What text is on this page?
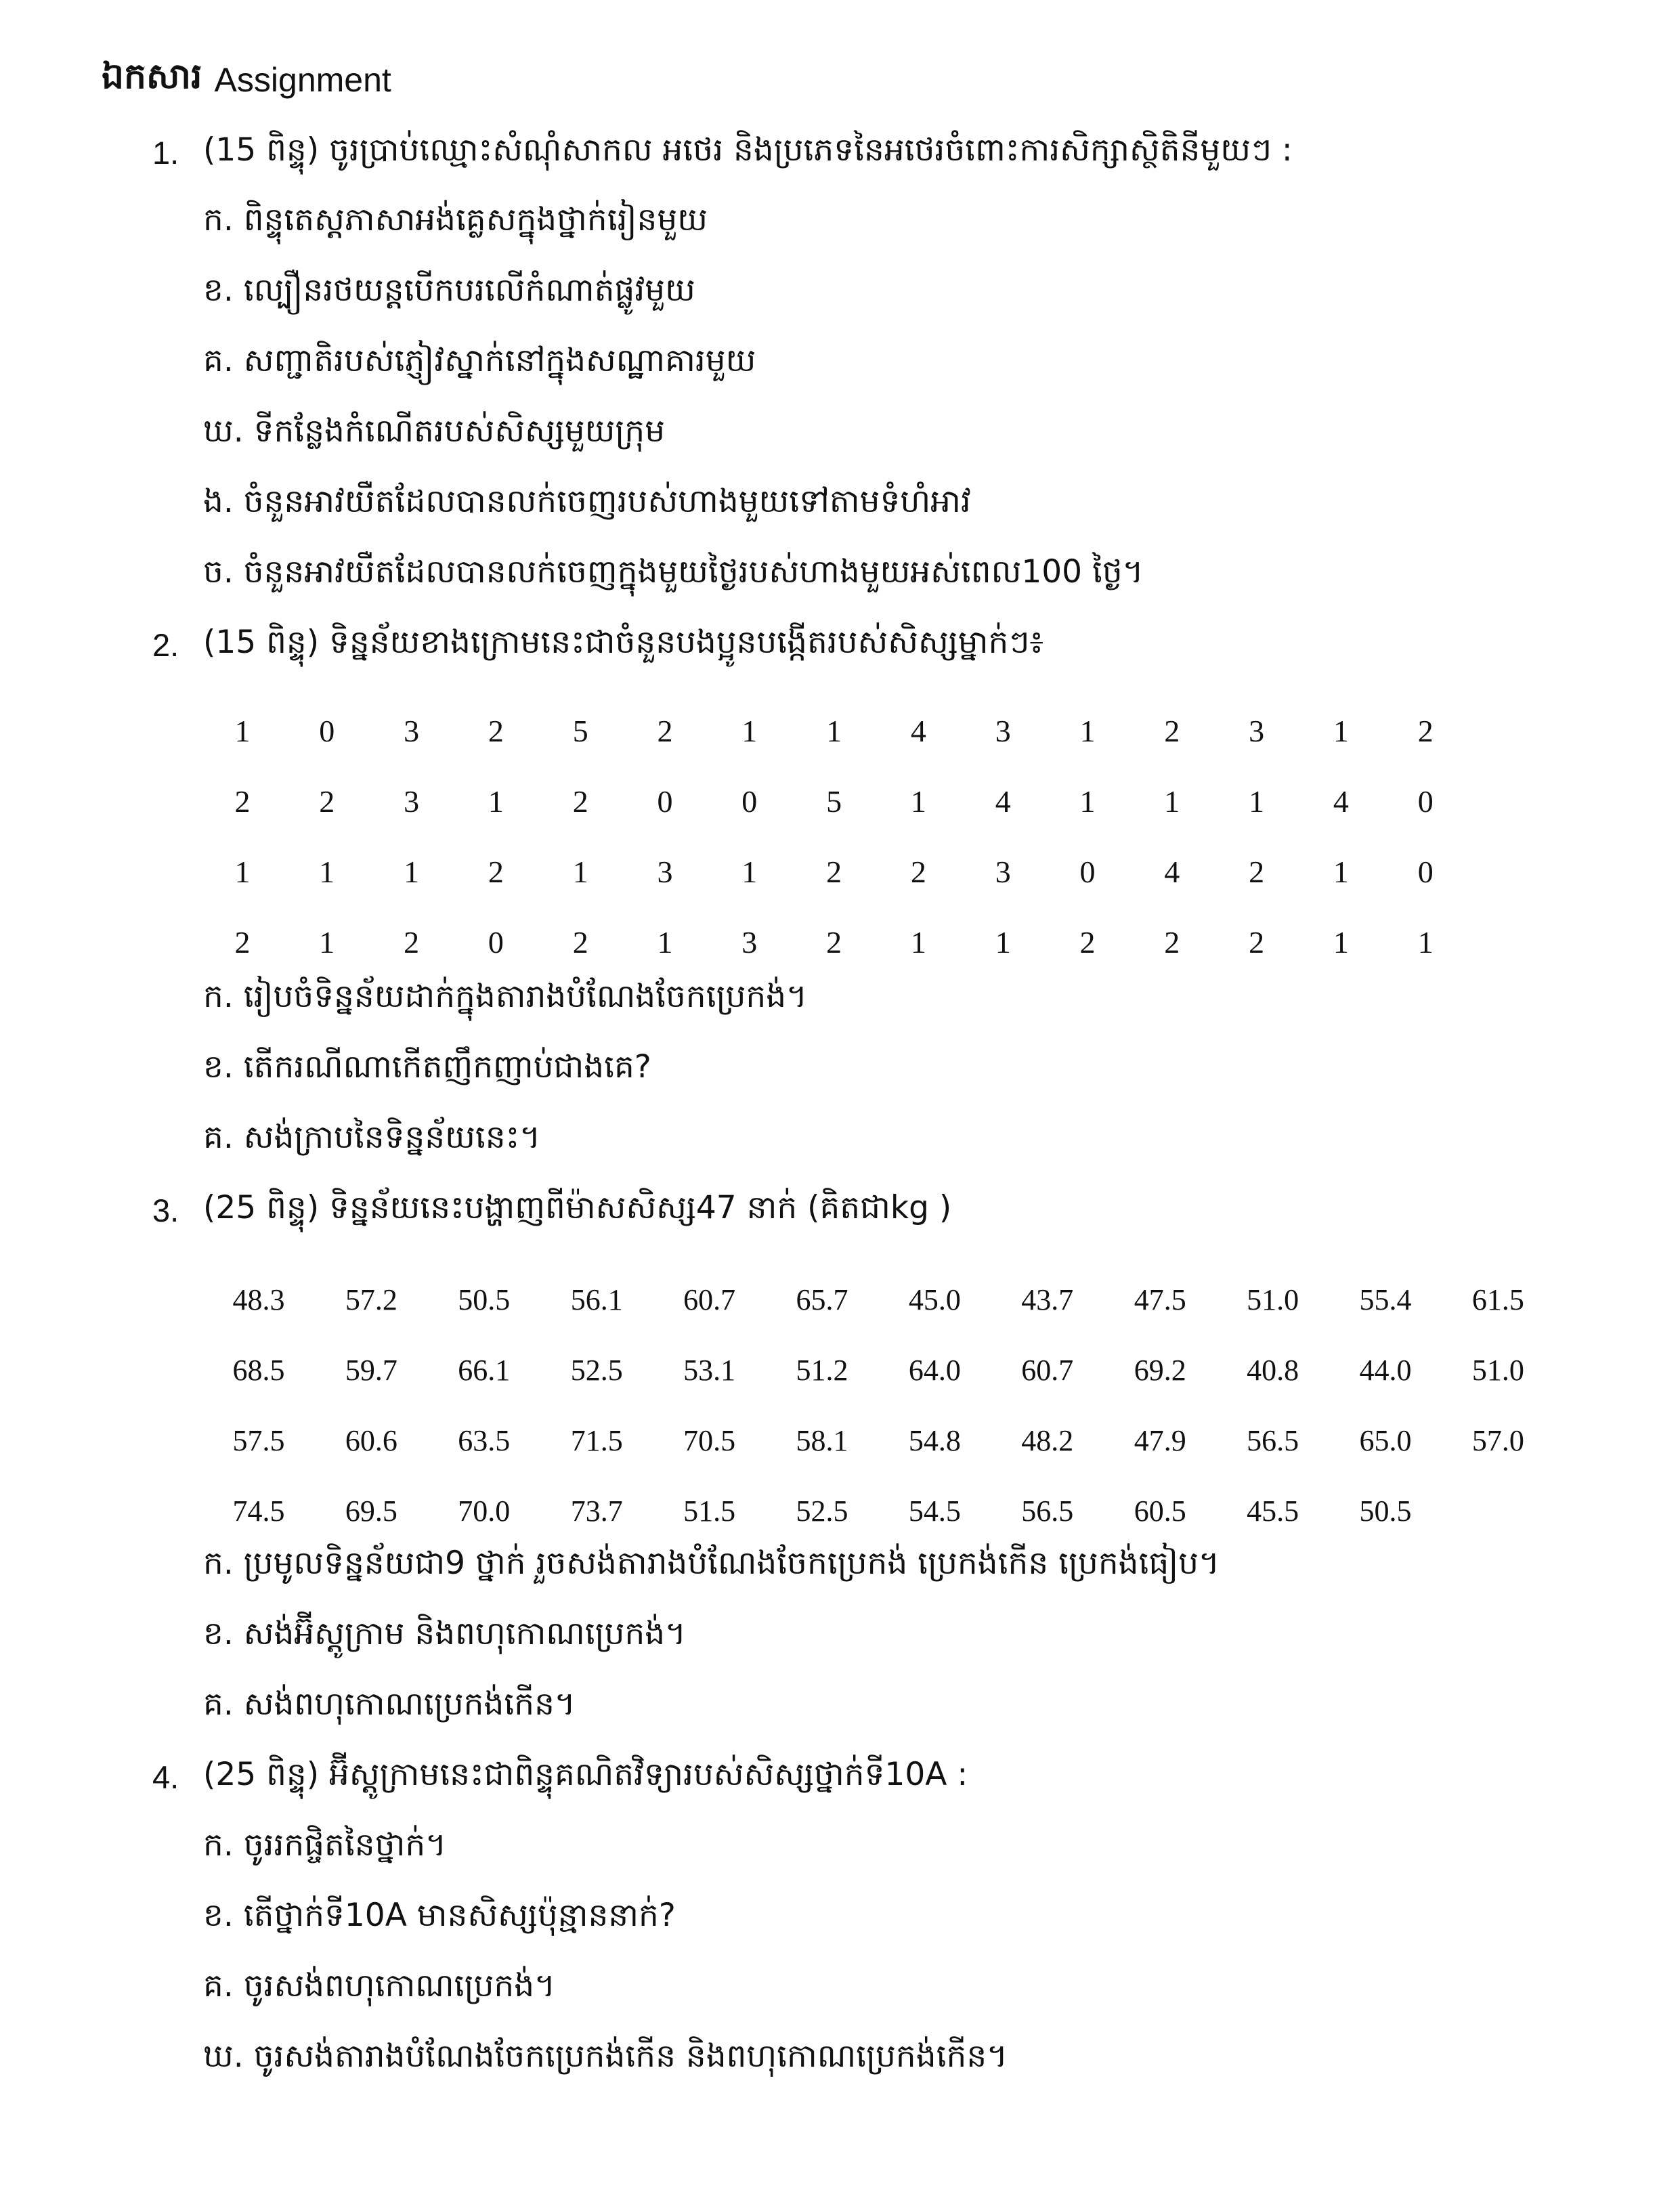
ឯកសារ Assignment
1. (15 ពិន្ទុ) ចូរប្រាប់ឈ្មោះសំណុំសាកល អថេរ និងប្រភេទនៃអថេរចំពោះការសិក្សាស្ថិតិនីមួយៗ :
ក. ពិន្ទុតេស្តភាសាអង់គ្លេសក្នុងថ្នាក់រៀនមួយ
ខ. ល្បឿនរថយន្តបើកបរលើកំណាត់ផ្លូវមួយ
គ. សញ្ជាតិរបស់ភ្ញៀវស្នាក់នៅក្នុងសណ្ឋាគារមួយ
ឃ. ទីកន្លែងកំណើតរបស់សិស្សមួយក្រុម
ង. ចំនួនអាវយឺតដែលបានលក់ចេញរបស់ហាងមួយទៅតាមទំហំអាវ
ច. ចំនួនអាវយឺតដែលបានលក់ចេញក្នុងមួយថ្ងៃរបស់ហាងមួយអស់ពេល100 ថ្ងៃ។
2. (15 ពិន្ទុ) ទិន្នន័យខាងក្រោមនេះជាចំនួនបងប្អូនបង្កើតរបស់សិស្សម្នាក់ៗ៖
1	0	3	2	5	2	1	1	4	3	1	2	3	1	2
2	2	3	1	2	0	0	5	1	4	1	1	1	4	0
1	1	1	2	1	3	1	2	2	3	0	4	2	1	0
2	1	2	0	2	1	3	2	1	1	2	2	2	1	1
ក. រៀបចំទិន្នន័យដាក់ក្នុងតារាងបំណែងចែកប្រេកង់។
ខ. តើករណីណាកើតញឹកញាប់ជាងគេ?
គ. សង់ក្រាបនៃទិន្នន័យនេះ។
3. (25 ពិន្ទុ) ទិន្នន័យនេះបង្ហាញពីម៉ាសសិស្ស47 នាក់ (គិតជាkg )
48.3	57.2	50.5	56.1	60.7	65.7	45.0	43.7	47.5	51.0	55.4	61.5
68.5	59.7	66.1	52.5	53.1	51.2	64.0	60.7	69.2	40.8	44.0	51.0
57.5	60.6	63.5	71.5	70.5	58.1	54.8	48.2	47.9	56.5	65.0	57.0
74.5	69.5	70.0	73.7	51.5	52.5	54.5	56.5	60.5	45.5	50.5
ក. ប្រមូលទិន្នន័យជា9 ថ្នាក់ រួចសង់តារាងបំណែងចែកប្រេកង់ ប្រេកង់កើន ប្រេកង់ធៀប។
ខ. សង់អ៊ីស្តូក្រាម និងពហុកោណប្រេកង់។
គ. សង់ពហុកោណប្រេកង់កើន។
4. (25 ពិន្ទុ) អ៊ីស្តូក្រាមនេះជាពិន្ទុគណិតវិទ្យារបស់សិស្សថ្នាក់ទី10A :
ក. ចូររកផ្ចិតនៃថ្នាក់។
ខ. តើថ្នាក់ទី10A មានសិស្សប៉ុន្មាននាក់?
គ. ចូរសង់ពហុកោណប្រេកង់។
ឃ. ចូរសង់តារាងបំណែងចែកប្រេកង់កើន និងពហុកោណប្រេកង់កើន។
